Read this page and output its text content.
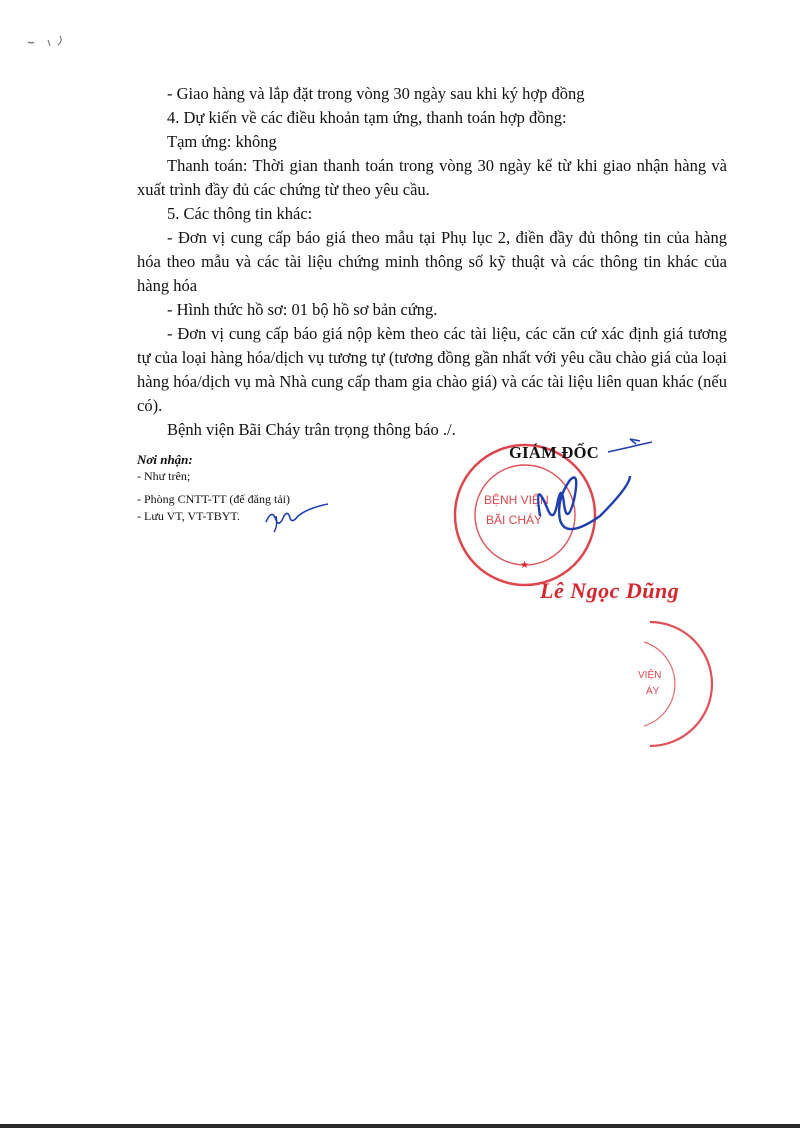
- Giao hàng và lắp đặt trong vòng 30 ngày sau khi ký hợp đồng

4. Dự kiến về các điều khoản tạm ứng, thanh toán hợp đồng:

Tạm ứng: không

Thanh toán: Thời gian thanh toán trong vòng 30 ngày kể từ khi giao nhận hàng và xuất trình đầy đủ các chứng từ theo yêu cầu.

5. Các thông tin khác:

- Đơn vị cung cấp báo giá theo mẫu tại Phụ lục 2, điền đầy đủ thông tin của hàng hóa theo mẫu và các tài liệu chứng minh thông số kỹ thuật và các thông tin khác của hàng hóa

- Hình thức hồ sơ: 01 bộ hồ sơ bản cứng.

- Đơn vị cung cấp báo giá nộp kèm theo các tài liệu, các căn cứ xác định giá tương tự của loại hàng hóa/dịch vụ tương tự (tương đồng gần nhất với yêu cầu chào giá của loại hàng hóa/dịch vụ mà Nhà cung cấp tham gia chào giá) và các tài liệu liên quan khác (nếu có).

Bệnh viện Bãi Cháy trân trọng thông báo ./.

Nơi nhận:
- Như trên;
- Phòng CNTT-TT (để đăng tải)
- Lưu VT, VT-TBYT.
BỆNH VIỆN
BÃI CHÁY
★
GIÁM ĐỐC
Lê Ngọc Dũng
VIỆN
ÁY
